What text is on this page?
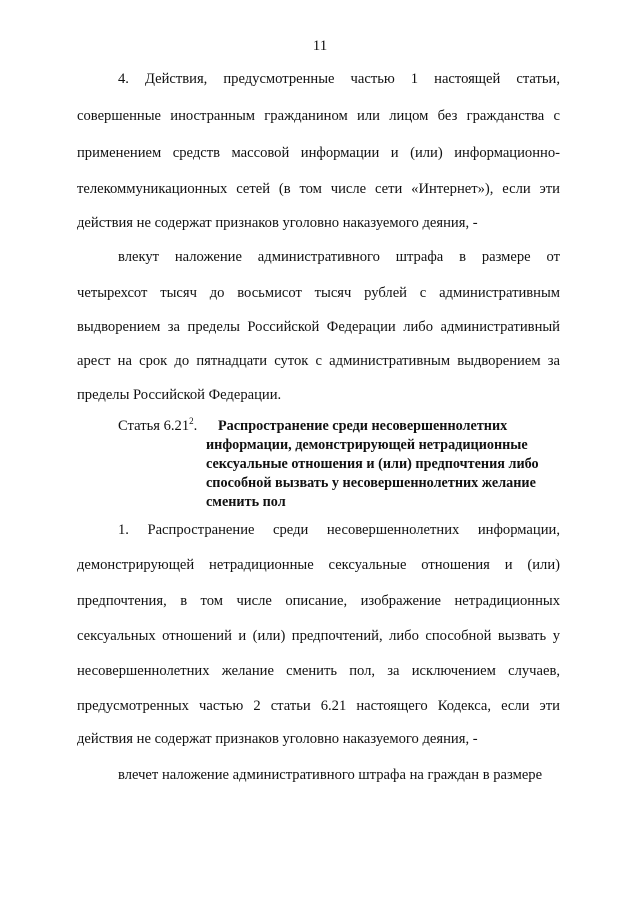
11
4. Действия, предусмотренные частью 1 настоящей статьи,
совершенные иностранным гражданином или лицом без гражданства с
применением средств массовой информации и (или) информационно-
телекоммуникационных сетей (в том числе сети «Интернет»), если эти
действия не содержат признаков уголовно наказуемого деяния, -
влекут наложение административного штрафа в размере от
четырехсот тысяч до восьмисот тысяч рублей с административным
выдворением за пределы Российской Федерации либо административный
арест на срок до пятнадцати суток с административным выдворением за
пределы Российской Федерации.
Статья 6.21$^2$. Распространение среди несовершеннолетних
информации, демонстрирующей нетрадиционные
сексуальные отношения и (или) предпочтения либо
способной вызвать у несовершеннолетних желание
сменить пол
1. Распространение среди несовершеннолетних информации,
демонстрирующей нетрадиционные сексуальные отношения и (или)
предпочтения, в том числе описание, изображение нетрадиционных
сексуальных отношений и (или) предпочтений, либо способной вызвать у
несовершеннолетних желание сменить пол, за исключением случаев,
предусмотренных частью 2 статьи 6.21 настоящего Кодекса, если эти
действия не содержат признаков уголовно наказуемого деяния, -
влечет наложение административного штрафа на граждан в размере
